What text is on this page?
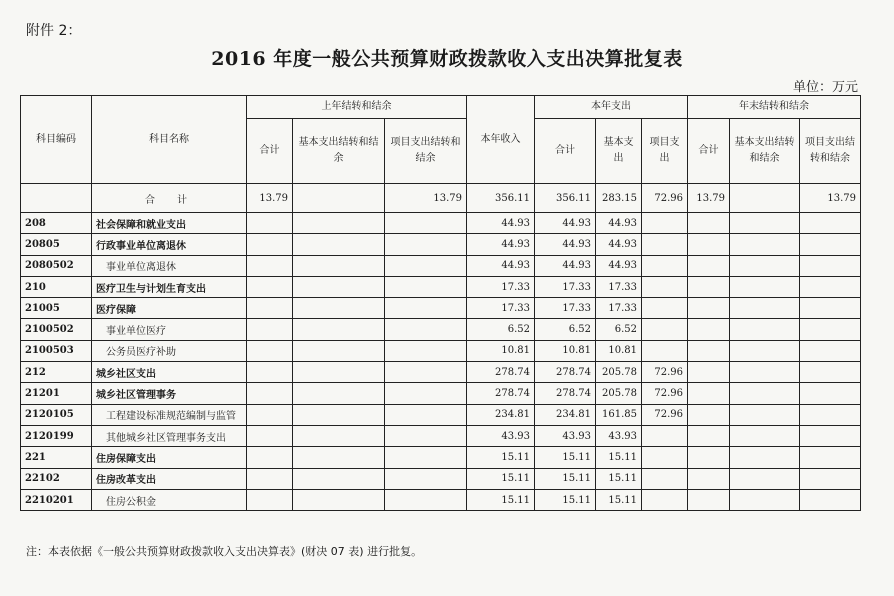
附件 2：
2016 年度一般公共预算财政拨款收入支出决算批复表
单位：万元
科目编码	科目名称	上年结转和结余			本年收入	本年支出			年末结转和结余		
		合计	基本支出结转和结余	项目支出结转和结余		合计	基本支出	项目支出	合计	基本支出结转和结余	项目支出结转和结余

	合　计	13.79		13.79	356.11	356.11	283.15	72.96	13.79		13.79
208	社会保障和就业支出				44.93	44.93	44.93				
20805	行政事业单位离退休				44.93	44.93	44.93				
2080502	事业单位离退休				44.93	44.93	44.93				
210	医疗卫生与计划生育支出				17.33	17.33	17.33				
21005	医疗保障				17.33	17.33	17.33				
2100502	事业单位医疗				6.52	6.52	6.52				
2100503	公务员医疗补助				10.81	10.81	10.81				
212	城乡社区支出				278.74	278.74	205.78	72.96			
21201	城乡社区管理事务				278.74	278.74	205.78	72.96			
2120105	工程建设标准规范编制与监管				234.81	234.81	161.85	72.96			
2120199	其他城乡社区管理事务支出				43.93	43.93	43.93				
221	住房保障支出				15.11	15.11	15.11				
22102	住房改革支出				15.11	15.11	15.11				
2210201	住房公积金				15.11	15.11	15.11				
注：本表依据《一般公共预算财政拨款收入支出决算表》(财决 07 表) 进行批复。
